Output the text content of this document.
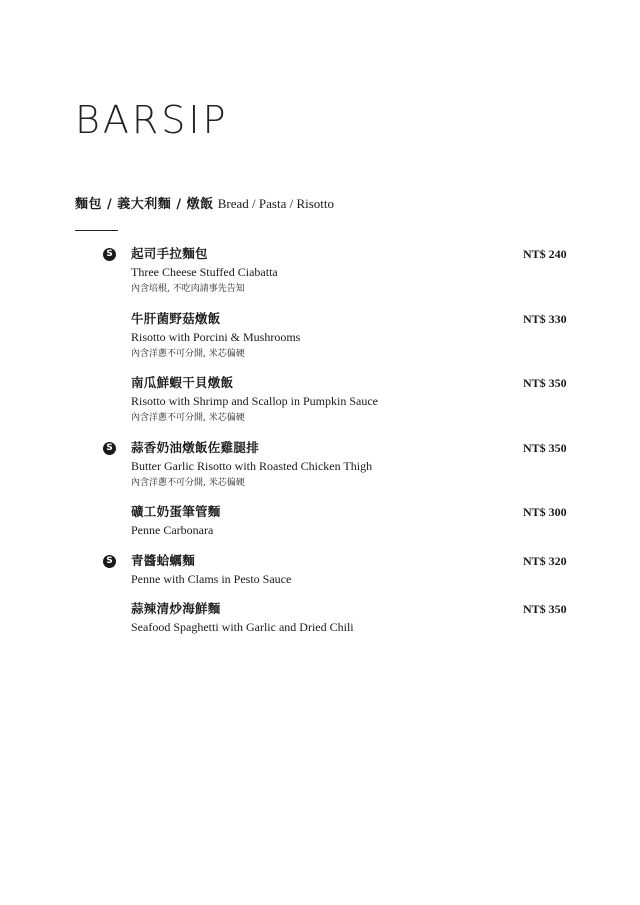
BARSIP
麵包 / 義大利麵 / 燉飯 Bread / Pasta / Risotto
S 起司手拉麵包
Three Cheese Stuffed Ciabatta
內含培根, 不吃肉請事先告知
NT$ 240
牛肝菌野菇燉飯
Risotto with Porcini & Mushrooms
內含洋蔥不可分開, 米芯偏硬
NT$ 330
南瓜鮮蝦干貝燉飯
Risotto with Shrimp and Scallop in Pumpkin Sauce
內含洋蔥不可分開, 米芯偏硬
NT$ 350
S 蒜香奶油燉飯佐雞腿排
Butter Garlic Risotto with Roasted Chicken Thigh
內含洋蔥不可分開, 米芯偏硬
NT$ 350
礦工奶蛋筆管麵
Penne Carbonara
NT$ 300
S 青醬蛤蠣麵
Penne with Clams in Pesto Sauce
NT$ 320
蒜辣清炒海鮮麵
Seafood Spaghetti with Garlic and Dried Chili
NT$ 350
